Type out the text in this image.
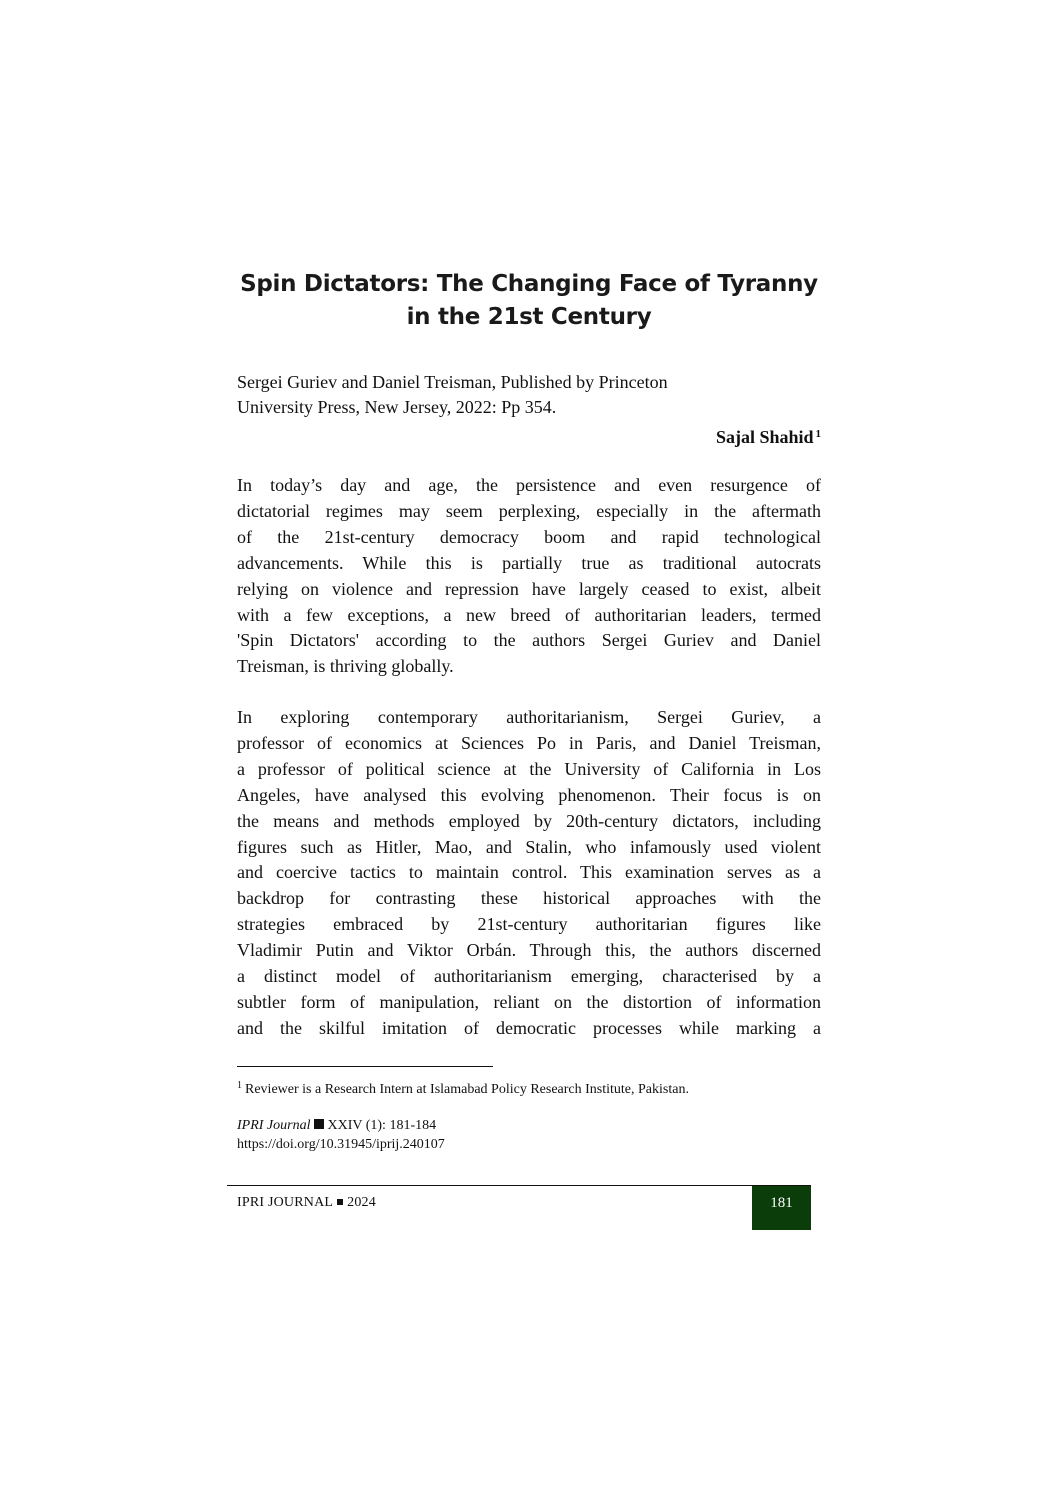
Spin Dictators: The Changing Face of Tyranny
in the 21st Century
Sergei Guriev and Daniel Treisman, Published by Princeton
University Press, New Jersey, 2022: Pp 354.
Sajal Shahid $^1$
In today’s day and age, the persistence and even resurgence of
dictatorial regimes may seem perplexing, especially in the aftermath
of the 21st-century democracy boom and rapid technological
advancements. While this is partially true as traditional autocrats
relying on violence and repression have largely ceased to exist, albeit
with a few exceptions, a new breed of authoritarian leaders, termed
'Spin Dictators' according to the authors Sergei Guriev and Daniel
Treisman, is thriving globally.
In exploring contemporary authoritarianism, Sergei Guriev, a
professor of economics at Sciences Po in Paris, and Daniel Treisman,
a professor of political science at the University of California in Los
Angeles, have analysed this evolving phenomenon. Their focus is on
the means and methods employed by 20th-century dictators, including
figures such as Hitler, Mao, and Stalin, who infamously used violent
and coercive tactics to maintain control. This examination serves as a
backdrop for contrasting these historical approaches with the
strategies embraced by 21st-century authoritarian figures like
Vladimir Putin and Viktor Orbán. Through this, the authors discerned
a distinct model of authoritarianism emerging, characterised by a
subtler form of manipulation, reliant on the distortion of information
and the skilful imitation of democratic processes while marking a
$^1$ Reviewer is a Research Intern at Islamabad Policy Research Institute, Pakistan.
IPRI Journal XXIV (1): 181-184
https://doi.org/10.31945/iprij.240107
IPRI JOURNAL 2024	181
